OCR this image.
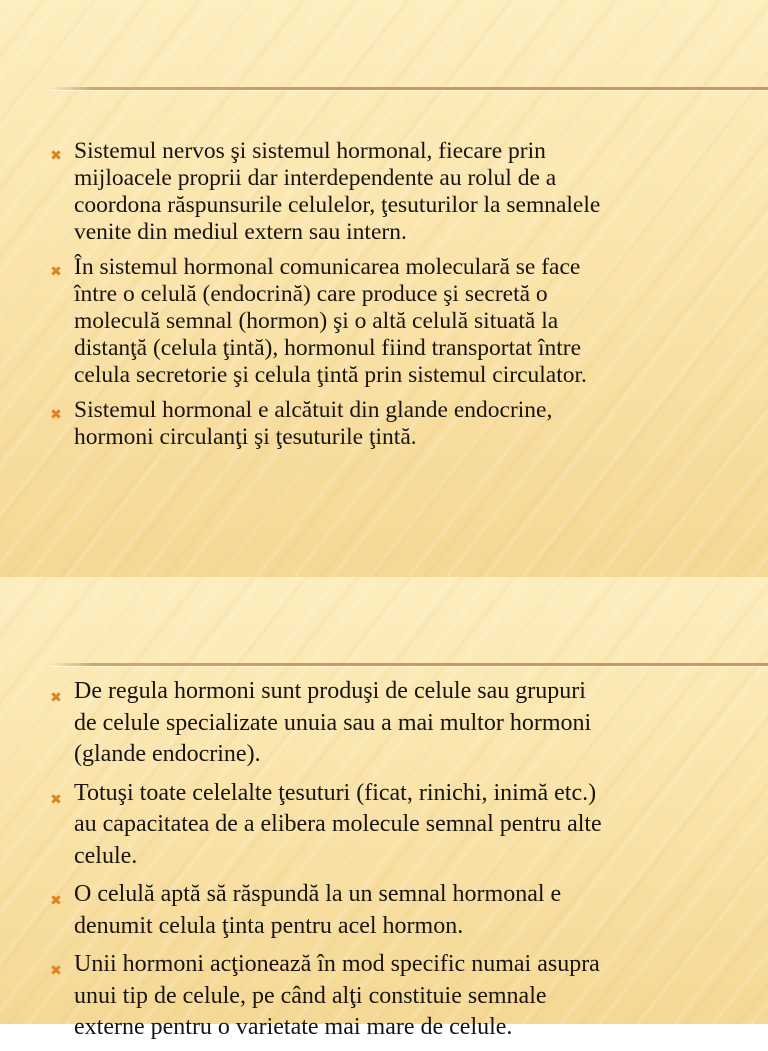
✖ Sistemul nervos şi sistemul hormonal, fiecare prin
mijloacele proprii dar interdependente au rolul de a
coordona răspunsurile celulelor, ţesuturilor la semnalele
venite din mediul extern sau intern.
✖ În sistemul hormonal comunicarea moleculară se face
între o celulă (endocrină) care produce şi secretă o
moleculă semnal (hormon) şi o altă celulă situată la
distanţă (celula ţintă), hormonul fiind transportat între
celula secretorie şi celula ţintă prin sistemul circulator.
✖ Sistemul hormonal e alcătuit din glande endocrine,
hormoni circulanţi şi ţesuturile ţintă.
✖ De regula hormoni sunt produşi de celule sau grupuri
de celule specializate unuia sau a mai multor hormoni
(glande endocrine).
✖ Totuşi toate celelalte ţesuturi (ficat, rinichi, inimă etc.)
au capacitatea de a elibera molecule semnal pentru alte
celule.
✖ O celulă aptă să răspundă la un semnal hormonal e
denumit celula ţinta pentru acel hormon.
✖ Unii hormoni acţionează în mod specific numai asupra
unui tip de celule, pe când alţi constituie semnale
externe pentru o varietate mai mare de celule.
